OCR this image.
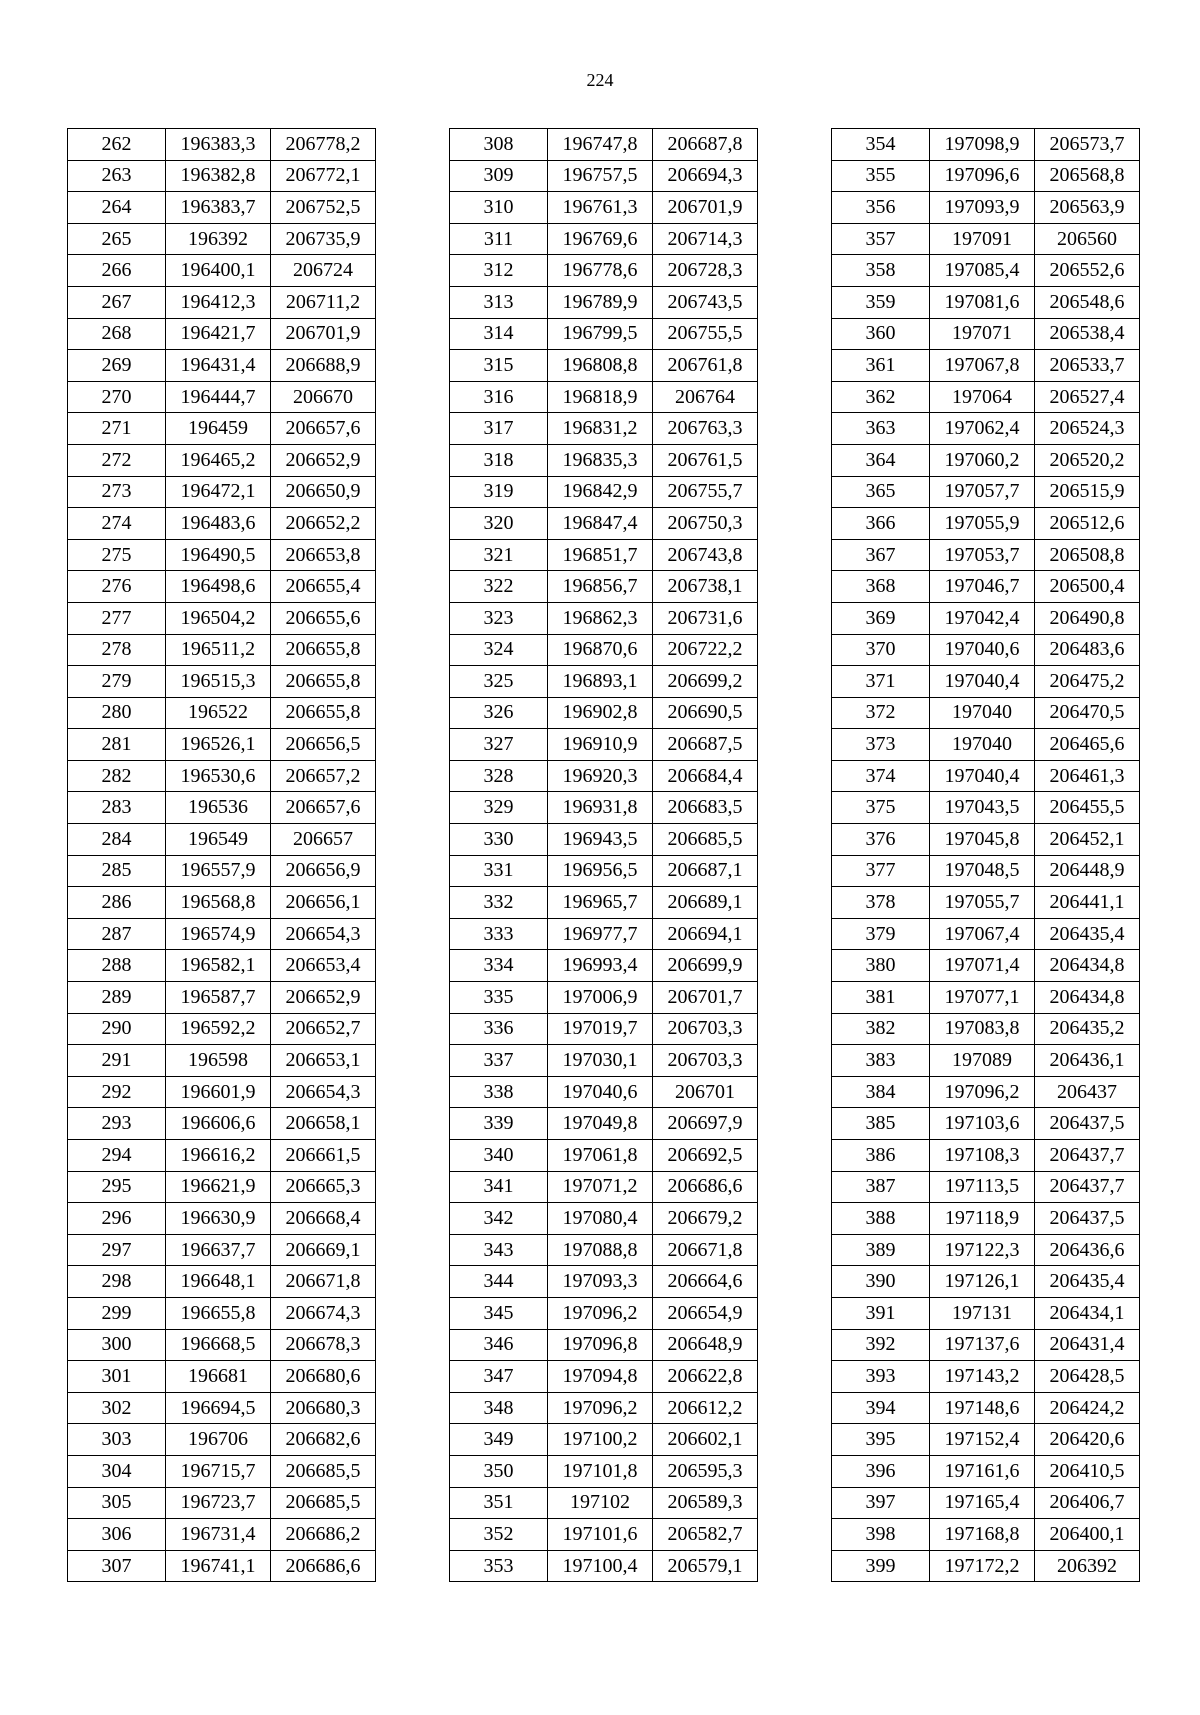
224
262	196383,3	206778,2
263	196382,8	206772,1
264	196383,7	206752,5
265	196392	206735,9
266	196400,1	206724
267	196412,3	206711,2
268	196421,7	206701,9
269	196431,4	206688,9
270	196444,7	206670
271	196459	206657,6
272	196465,2	206652,9
273	196472,1	206650,9
274	196483,6	206652,2
275	196490,5	206653,8
276	196498,6	206655,4
277	196504,2	206655,6
278	196511,2	206655,8
279	196515,3	206655,8
280	196522	206655,8
281	196526,1	206656,5
282	196530,6	206657,2
283	196536	206657,6
284	196549	206657
285	196557,9	206656,9
286	196568,8	206656,1
287	196574,9	206654,3
288	196582,1	206653,4
289	196587,7	206652,9
290	196592,2	206652,7
291	196598	206653,1
292	196601,9	206654,3
293	196606,6	206658,1
294	196616,2	206661,5
295	196621,9	206665,3
296	196630,9	206668,4
297	196637,7	206669,1
298	196648,1	206671,8
299	196655,8	206674,3
300	196668,5	206678,3
301	196681	206680,6
302	196694,5	206680,3
303	196706	206682,6
304	196715,7	206685,5
305	196723,7	206685,5
306	196731,4	206686,2
307	196741,1	206686,6
308	196747,8	206687,8
309	196757,5	206694,3
310	196761,3	206701,9
311	196769,6	206714,3
312	196778,6	206728,3
313	196789,9	206743,5
314	196799,5	206755,5
315	196808,8	206761,8
316	196818,9	206764
317	196831,2	206763,3
318	196835,3	206761,5
319	196842,9	206755,7
320	196847,4	206750,3
321	196851,7	206743,8
322	196856,7	206738,1
323	196862,3	206731,6
324	196870,6	206722,2
325	196893,1	206699,2
326	196902,8	206690,5
327	196910,9	206687,5
328	196920,3	206684,4
329	196931,8	206683,5
330	196943,5	206685,5
331	196956,5	206687,1
332	196965,7	206689,1
333	196977,7	206694,1
334	196993,4	206699,9
335	197006,9	206701,7
336	197019,7	206703,3
337	197030,1	206703,3
338	197040,6	206701
339	197049,8	206697,9
340	197061,8	206692,5
341	197071,2	206686,6
342	197080,4	206679,2
343	197088,8	206671,8
344	197093,3	206664,6
345	197096,2	206654,9
346	197096,8	206648,9
347	197094,8	206622,8
348	197096,2	206612,2
349	197100,2	206602,1
350	197101,8	206595,3
351	197102	206589,3
352	197101,6	206582,7
353	197100,4	206579,1
354	197098,9	206573,7
355	197096,6	206568,8
356	197093,9	206563,9
357	197091	206560
358	197085,4	206552,6
359	197081,6	206548,6
360	197071	206538,4
361	197067,8	206533,7
362	197064	206527,4
363	197062,4	206524,3
364	197060,2	206520,2
365	197057,7	206515,9
366	197055,9	206512,6
367	197053,7	206508,8
368	197046,7	206500,4
369	197042,4	206490,8
370	197040,6	206483,6
371	197040,4	206475,2
372	197040	206470,5
373	197040	206465,6
374	197040,4	206461,3
375	197043,5	206455,5
376	197045,8	206452,1
377	197048,5	206448,9
378	197055,7	206441,1
379	197067,4	206435,4
380	197071,4	206434,8
381	197077,1	206434,8
382	197083,8	206435,2
383	197089	206436,1
384	197096,2	206437
385	197103,6	206437,5
386	197108,3	206437,7
387	197113,5	206437,7
388	197118,9	206437,5
389	197122,3	206436,6
390	197126,1	206435,4
391	197131	206434,1
392	197137,6	206431,4
393	197143,2	206428,5
394	197148,6	206424,2
395	197152,4	206420,6
396	197161,6	206410,5
397	197165,4	206406,7
398	197168,8	206400,1
399	197172,2	206392
